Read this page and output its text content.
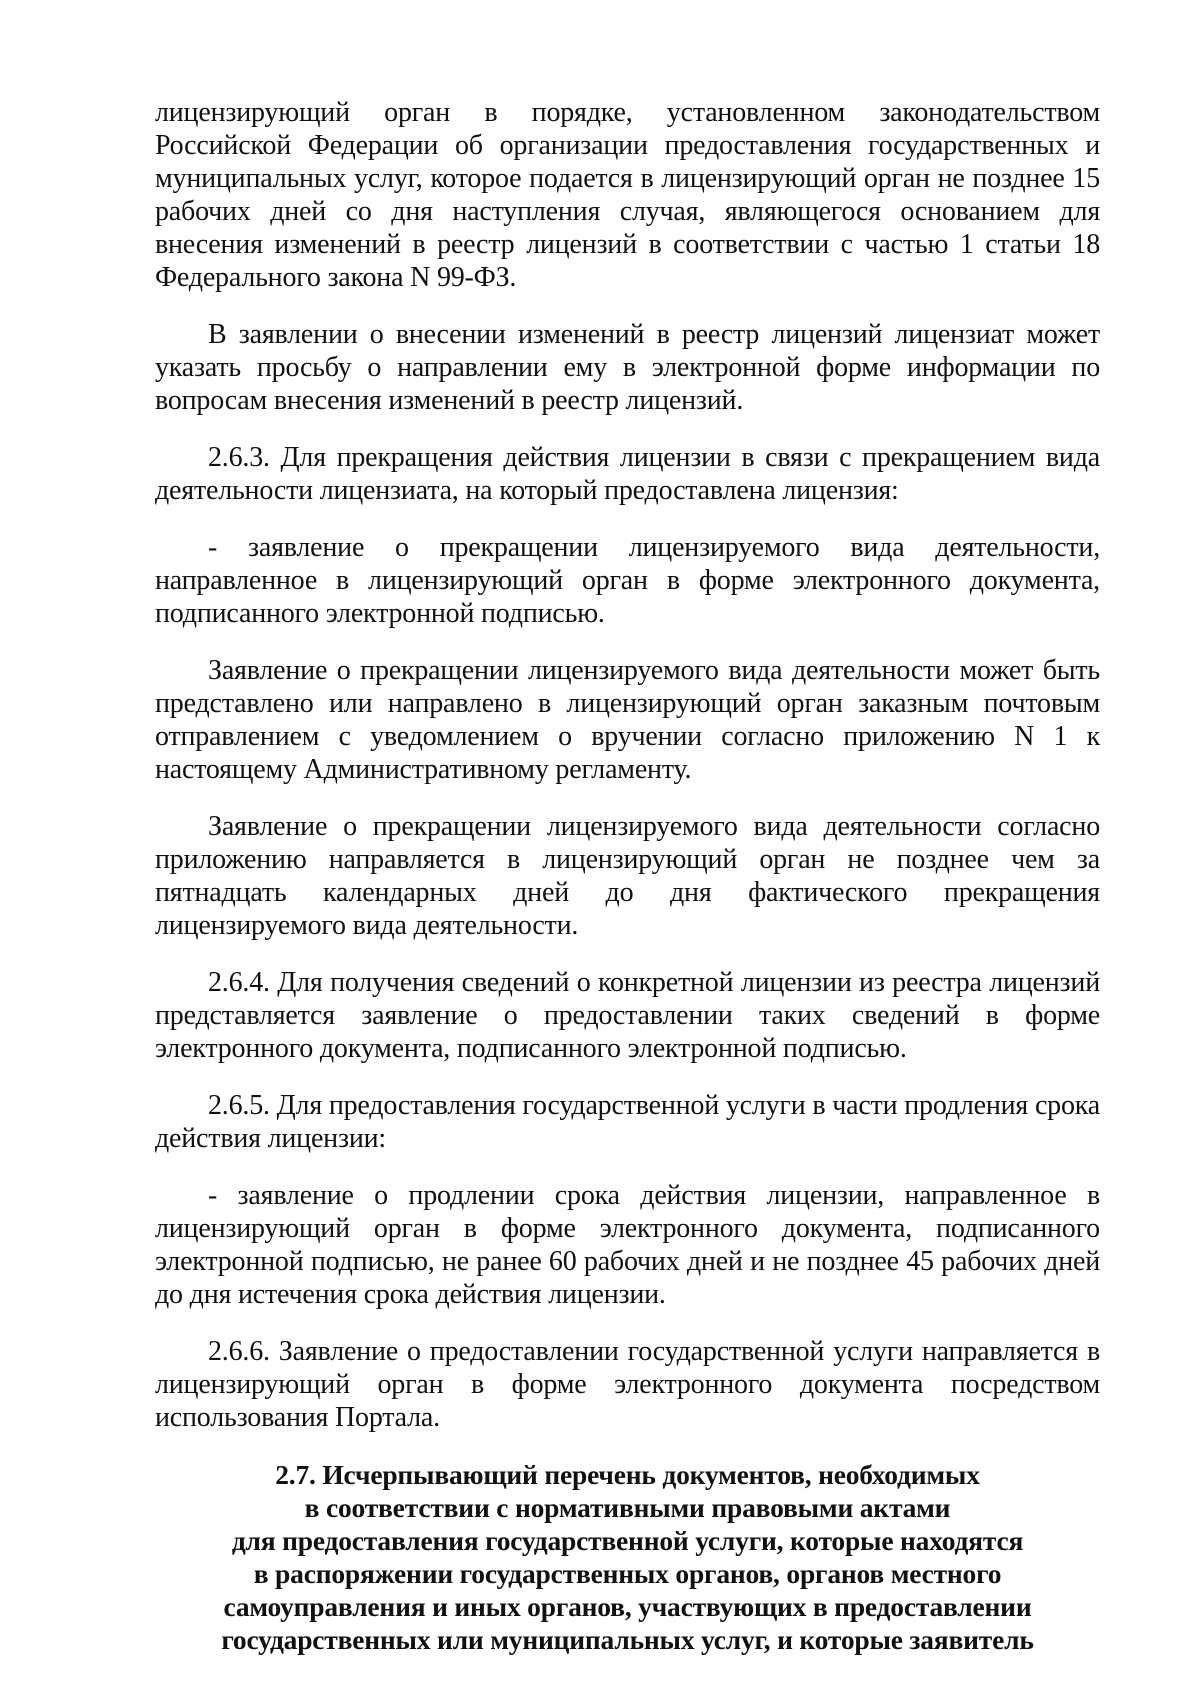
лицензирующий орган в порядке, установленном законодательством Российской Федерации об организации предоставления государственных и муниципальных услуг, которое подается в лицензирующий орган не позднее 15 рабочих дней со дня наступления случая, являющегося основанием для внесения изменений в реестр лицензий в соответствии с частью 1 статьи 18 Федерального закона N 99-ФЗ.

В заявлении о внесении изменений в реестр лицензий лицензиат может указать просьбу о направлении ему в электронной форме информации по вопросам внесения изменений в реестр лицензий.

2.6.3. Для прекращения действия лицензии в связи с прекращением вида деятельности лицензиата, на который предоставлена лицензия:

- заявление о прекращении лицензируемого вида деятельности, направленное в лицензирующий орган в форме электронного документа, подписанного электронной подписью.

Заявление о прекращении лицензируемого вида деятельности может быть представлено или направлено в лицензирующий орган заказным почтовым отправлением с уведомлением о вручении согласно приложению N 1 к настоящему Административному регламенту.

Заявление о прекращении лицензируемого вида деятельности согласно приложению направляется в лицензирующий орган не позднее чем за пятнадцать календарных дней до дня фактического прекращения лицензируемого вида деятельности.

2.6.4. Для получения сведений о конкретной лицензии из реестра лицензий представляется заявление о предоставлении таких сведений в форме электронного документа, подписанного электронной подписью.

2.6.5. Для предоставления государственной услуги в части продления срока действия лицензии:

- заявление о продлении срока действия лицензии, направленное в лицензирующий орган в форме электронного документа, подписанного электронной подписью, не ранее 60 рабочих дней и не позднее 45 рабочих дней до дня истечения срока действия лицензии.

2.6.6. Заявление о предоставлении государственной услуги направляется в лицензирующий орган в форме электронного документа посредством использования Портала.

2.7. Исчерпывающий перечень документов, необходимых
в соответствии с нормативными правовыми актами
для предоставления государственной услуги, которые находятся
в распоряжении государственных органов, органов местного
самоуправления и иных органов, участвующих в предоставлении
государственных или муниципальных услуг, и которые заявитель
